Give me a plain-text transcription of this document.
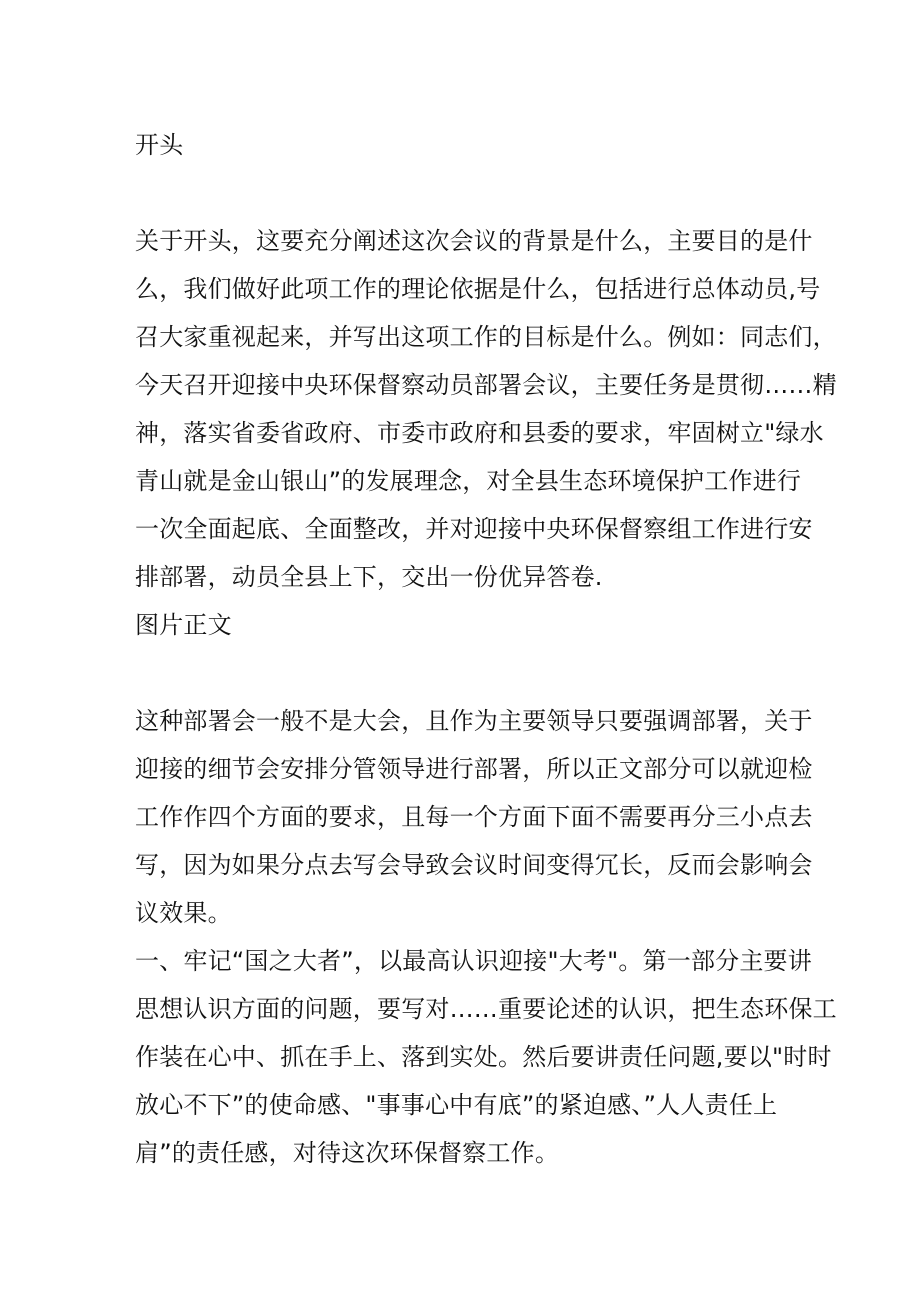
开头
关于开头，这要充分阐述这次会议的背景是什么，主要目的是什
么，我们做好此项工作的理论依据是什么，包括进行总体动员,号
召大家重视起来，并写出这项工作的目标是什么。例如：同志们，
今天召开迎接中央环保督察动员部署会议，主要任务是贯彻……精
神，落实省委省政府、市委市政府和县委的要求，牢固树立"绿水
青山就是金山银山”的发展理念，对全县生态环境保护工作进行
一次全面起底、全面整改，并对迎接中央环保督察组工作进行安
排部署，动员全县上下，交出一份优异答卷.
图片正文
这种部署会一般不是大会，且作为主要领导只要强调部署，关于
迎接的细节会安排分管领导进行部署，所以正文部分可以就迎检
工作作四个方面的要求，且每一个方面下面不需要再分三小点去
写，因为如果分点去写会导致会议时间变得冗长，反而会影响会
议效果。
一、牢记“国之大者”，以最高认识迎接"大考"。第一部分主要讲
思想认识方面的问题，要写对……重要论述的认识，把生态环保工
作装在心中、抓在手上、落到实处。然后要讲责任问题,要以"时时
放心不下”的使命感、"事事心中有底”的紧迫感、”人人责任上
肩”的责任感，对待这次环保督察工作。
